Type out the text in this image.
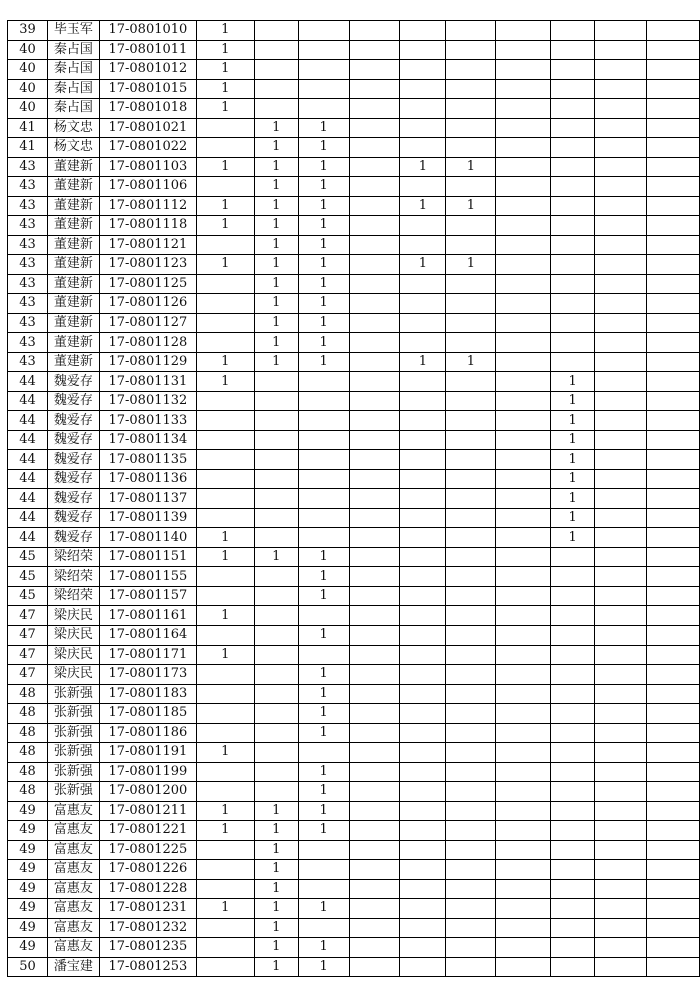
39	毕玉军	17-0801010	1									
40	秦占国	17-0801011	1									
40	秦占国	17-0801012	1									
40	秦占国	17-0801015	1									
40	秦占国	17-0801018	1									
41	杨文忠	17-0801021		1	1							
41	杨文忠	17-0801022		1	1							
43	董建新	17-0801103	1	1	1		1	1				
43	董建新	17-0801106		1	1							
43	董建新	17-0801112	1	1	1		1	1				
43	董建新	17-0801118	1	1	1							
43	董建新	17-0801121		1	1							
43	董建新	17-0801123	1	1	1		1	1				
43	董建新	17-0801125		1	1							
43	董建新	17-0801126		1	1							
43	董建新	17-0801127		1	1							
43	董建新	17-0801128		1	1							
43	董建新	17-0801129	1	1	1		1	1				
44	魏爱存	17-0801131	1							1		
44	魏爱存	17-0801132								1		
44	魏爱存	17-0801133								1		
44	魏爱存	17-0801134								1		
44	魏爱存	17-0801135								1		
44	魏爱存	17-0801136								1		
44	魏爱存	17-0801137								1		
44	魏爱存	17-0801139								1		
44	魏爱存	17-0801140	1							1		
45	梁绍荣	17-0801151	1	1	1							
45	梁绍荣	17-0801155			1							
45	梁绍荣	17-0801157			1							
47	梁庆民	17-0801161	1									
47	梁庆民	17-0801164			1							
47	梁庆民	17-0801171	1									
47	梁庆民	17-0801173			1							
48	张新强	17-0801183			1							
48	张新强	17-0801185			1							
48	张新强	17-0801186			1							
48	张新强	17-0801191	1									
48	张新强	17-0801199			1							
48	张新强	17-0801200			1							
49	富惠友	17-0801211	1	1	1							
49	富惠友	17-0801221	1	1	1							
49	富惠友	17-0801225		1								
49	富惠友	17-0801226		1								
49	富惠友	17-0801228		1								
49	富惠友	17-0801231	1	1	1							
49	富惠友	17-0801232		1								
49	富惠友	17-0801235		1	1							
50	潘宝建	17-0801253		1	1							
